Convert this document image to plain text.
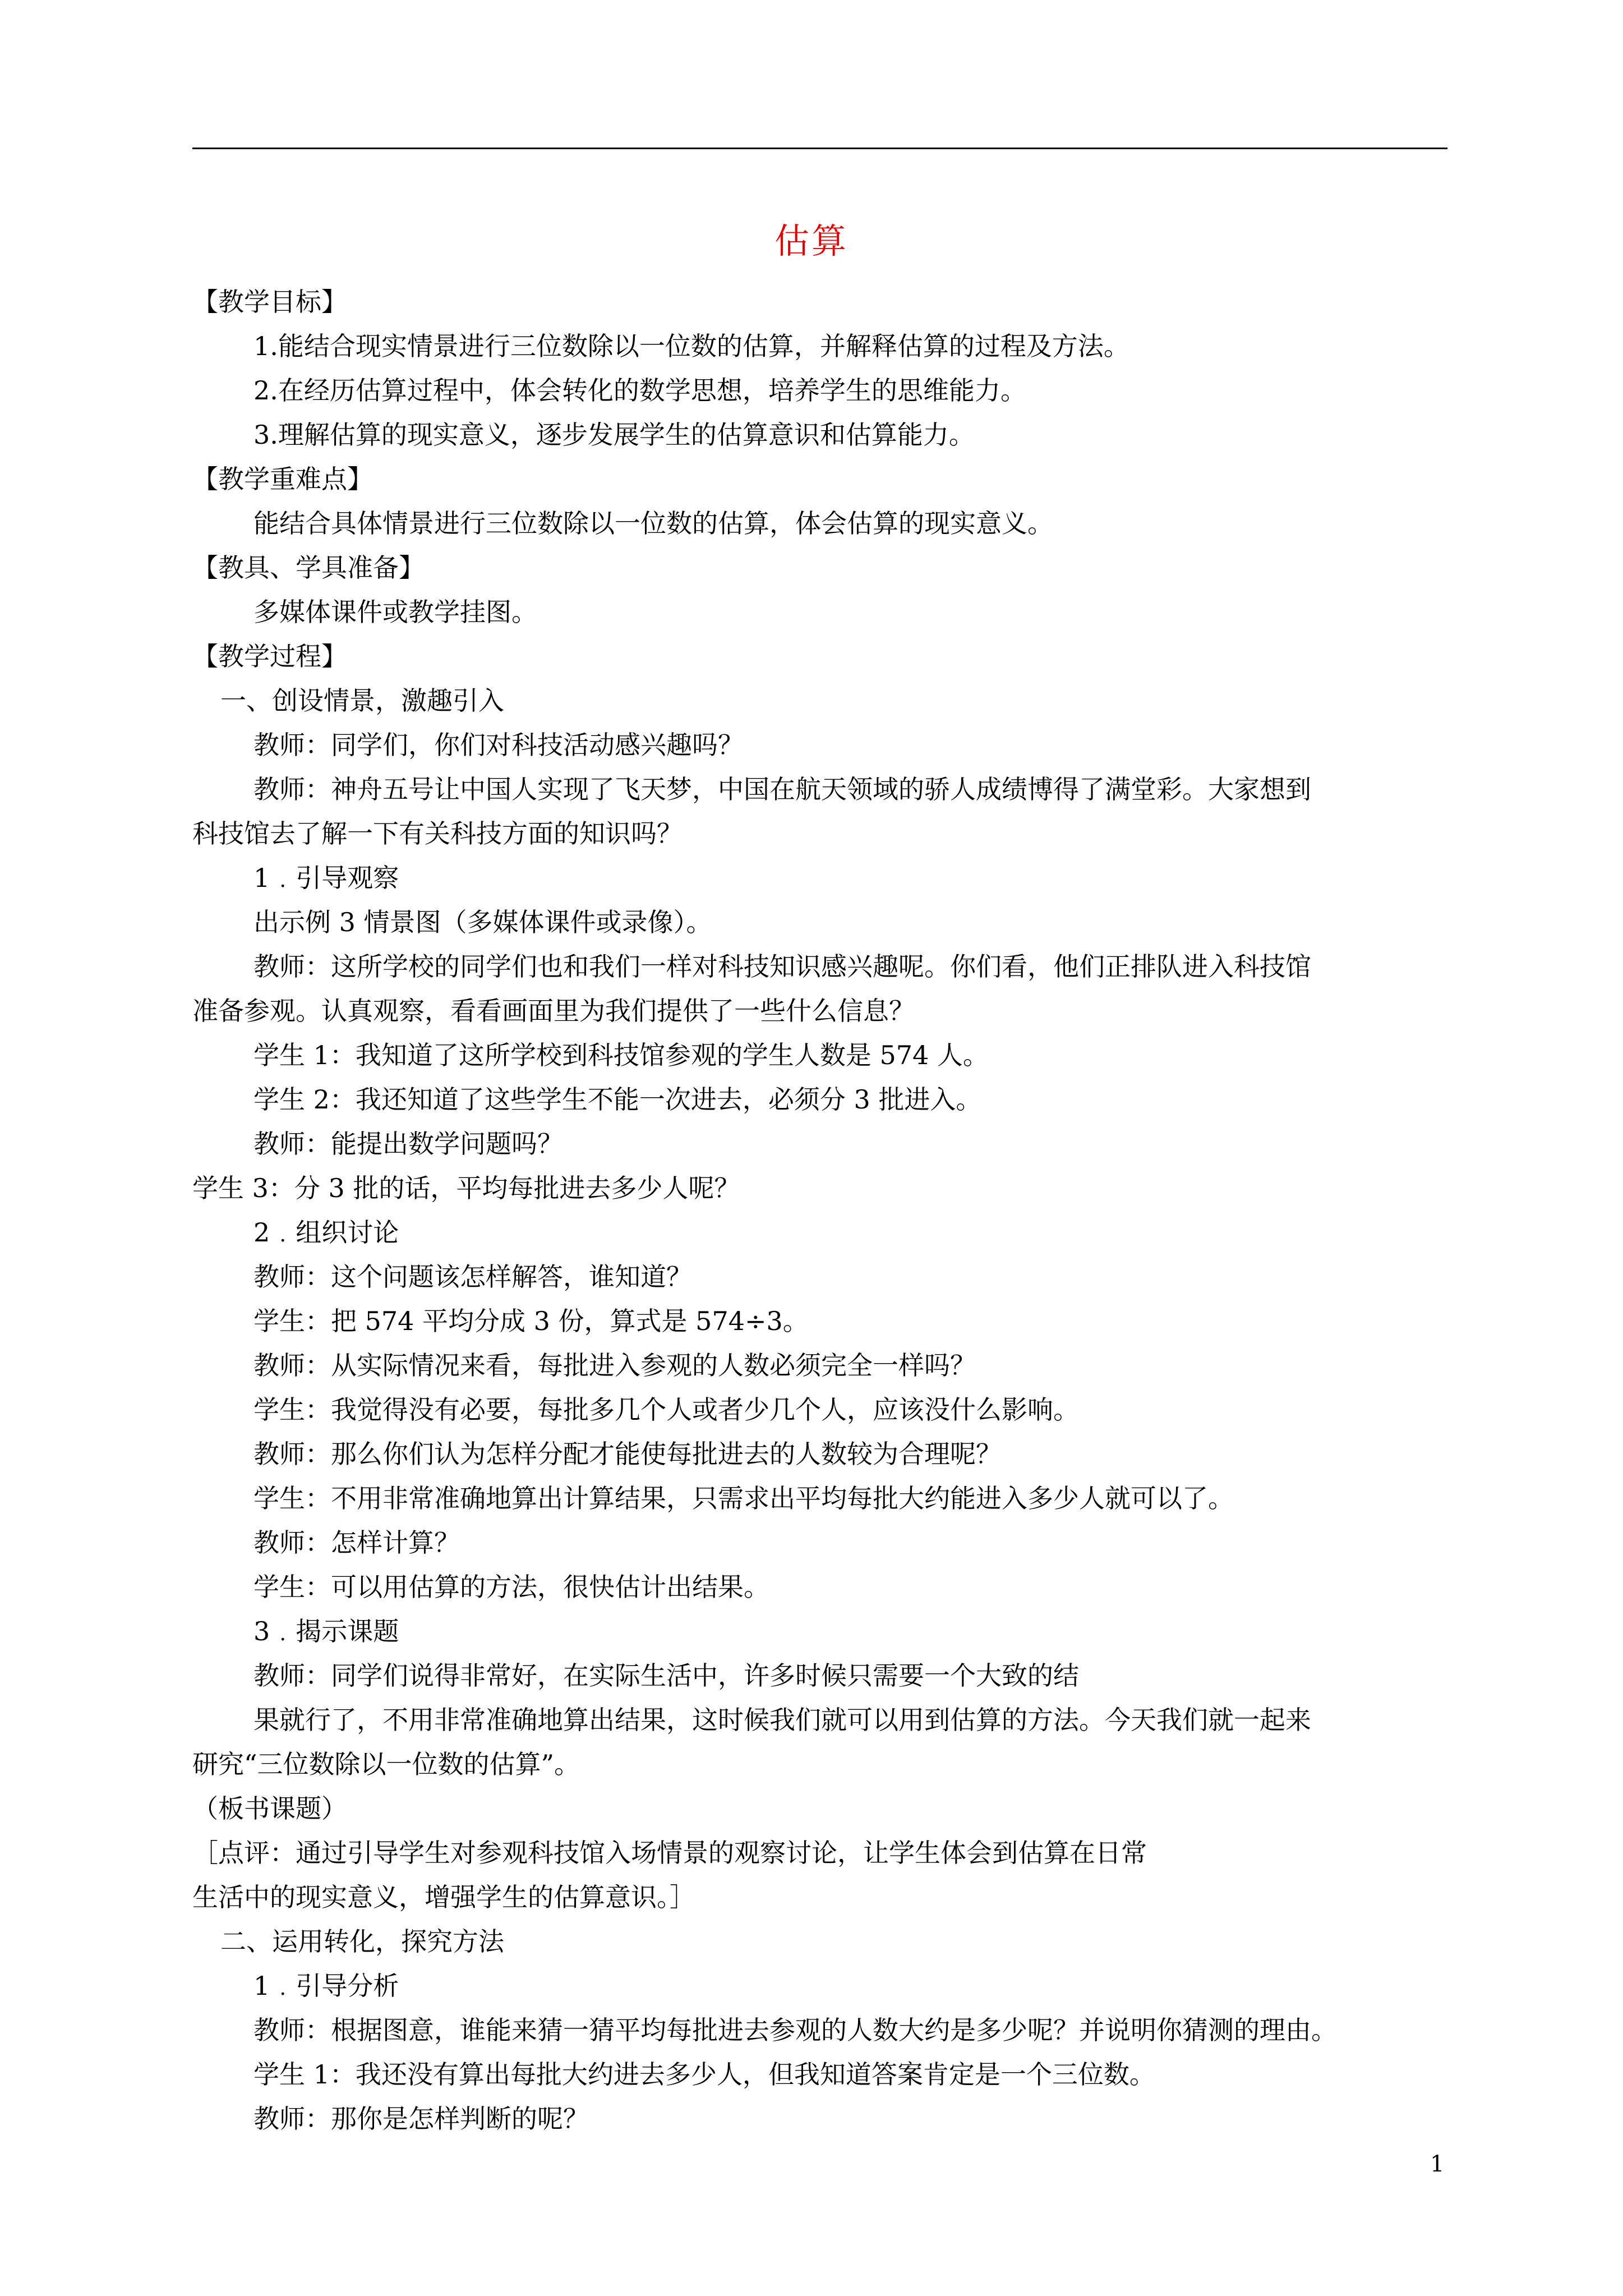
估算
【教学目标】
1.能结合现实情景进行三位数除以一位数的估算，并解释估算的过程及方法。
2.在经历估算过程中，体会转化的数学思想，培养学生的思维能力。
3.理解估算的现实意义，逐步发展学生的估算意识和估算能力。
【教学重难点】
能结合具体情景进行三位数除以一位数的估算，体会估算的现实意义。
【教具、学具准备】
多媒体课件或教学挂图。
【教学过程】
一、创设情景，激趣引入
教师：同学们，你们对科技活动感兴趣吗？
教师：神舟五号让中国人实现了飞天梦，中国在航天领域的骄人成绩博得了满堂彩。大家想到
科技馆去了解一下有关科技方面的知识吗？
1﹒引导观察
出示例 3 情景图（多媒体课件或录像）。
教师：这所学校的同学们也和我们一样对科技知识感兴趣呢。你们看，他们正排队进入科技馆
准备参观。认真观察，看看画面里为我们提供了一些什么信息？
学生 1：我知道了这所学校到科技馆参观的学生人数是 574 人。
学生 2：我还知道了这些学生不能一次进去，必须分 3 批进入。
教师：能提出数学问题吗？
学生 3：分 3 批的话，平均每批进去多少人呢？
2﹒组织讨论
教师：这个问题该怎样解答，谁知道？
学生：把 574 平均分成 3 份，算式是 574÷3。
教师：从实际情况来看，每批进入参观的人数必须完全一样吗？
学生：我觉得没有必要，每批多几个人或者少几个人，应该没什么影响。
教师：那么你们认为怎样分配才能使每批进去的人数较为合理呢？
学生：不用非常准确地算出计算结果，只需求出平均每批大约能进入多少人就可以了。
教师：怎样计算？
学生：可以用估算的方法，很快估计出结果。
3﹒揭示课题
教师：同学们说得非常好，在实际生活中，许多时候只需要一个大致的结
果就行了，不用非常准确地算出结果，这时候我们就可以用到估算的方法。今天我们就一起来
研究“三位数除以一位数的估算”。
（板书课题）
［点评：通过引导学生对参观科技馆入场情景的观察讨论，让学生体会到估算在日常
生活中的现实意义，增强学生的估算意识。］
二、运用转化，探究方法
1﹒引导分析
教师：根据图意，谁能来猜一猜平均每批进去参观的人数大约是多少呢？并说明你猜测的理由。
学生 1：我还没有算出每批大约进去多少人，但我知道答案肯定是一个三位数。
教师：那你是怎样判断的呢？
1
